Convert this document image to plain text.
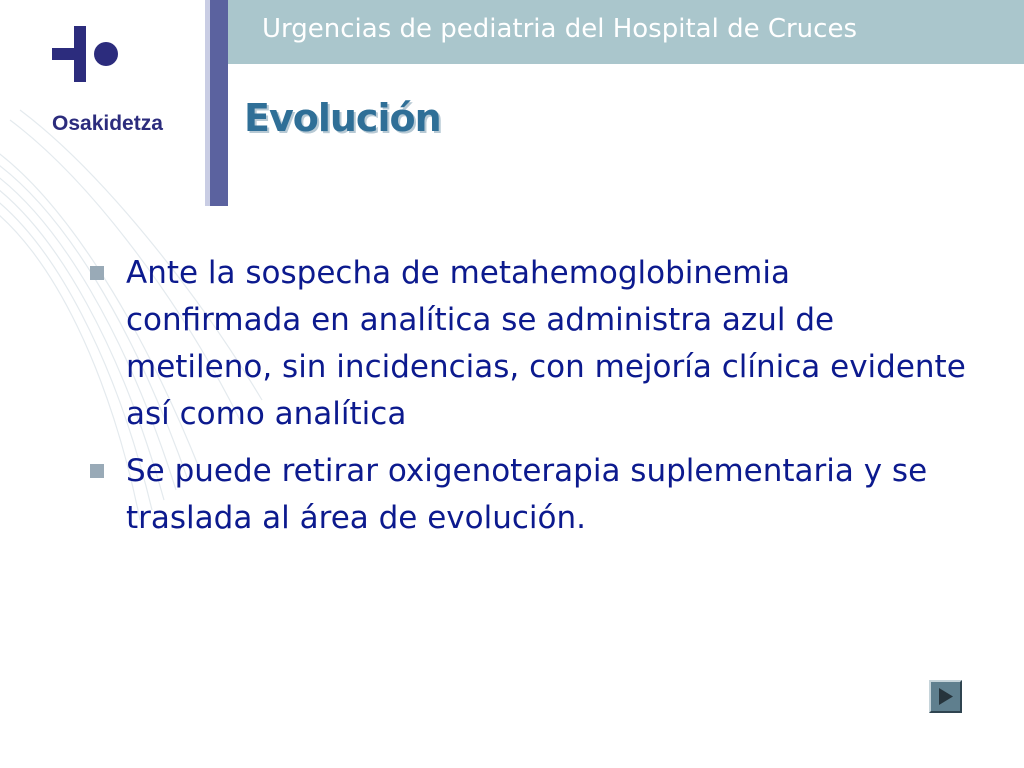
Urgencias de pediatria del Hospital de Cruces
Osakidetza Evolución
Ante la sospecha de metahemoglobinemia confirmada en analítica se administra azul de metileno, sin incidencias, con mejoría clínica evidente así como analítica
Se puede retirar oxigenoterapia suplementaria y se traslada al área de evolución.
